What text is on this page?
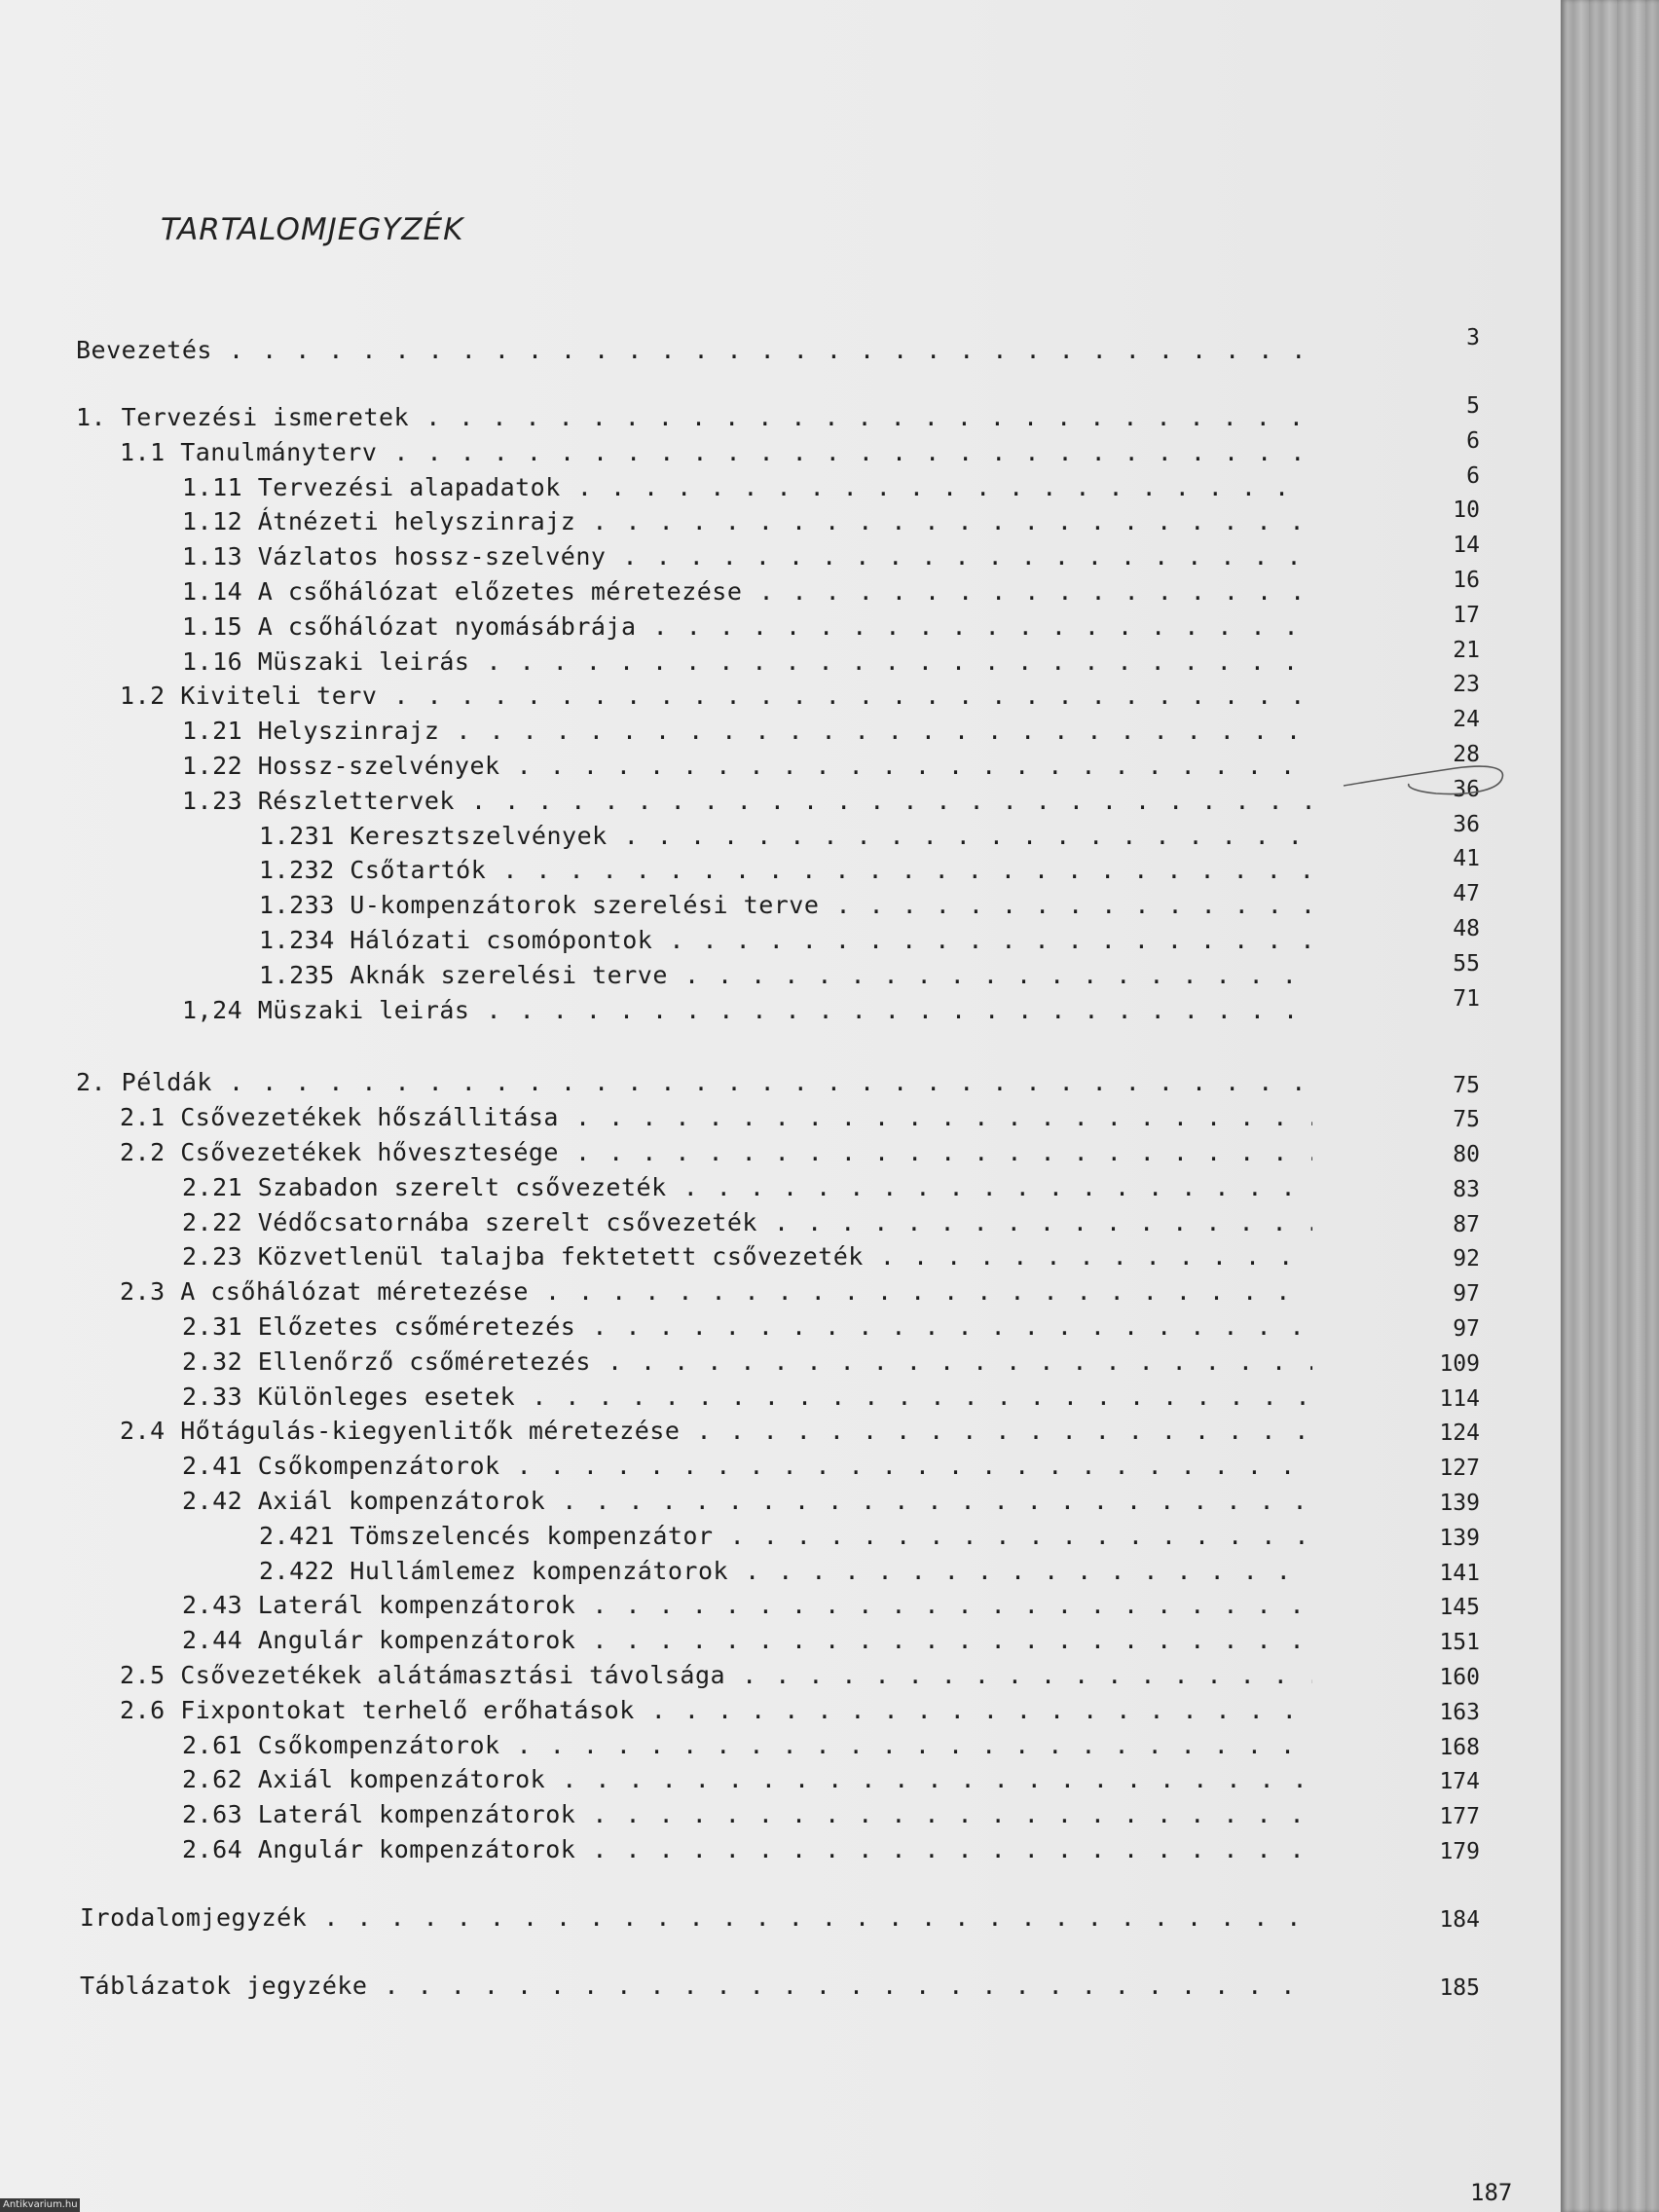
TARTALOMJEGYZÉK
Bevezetés . . .	3
1. Tervezési ismeretek . . .	5
1.1 Tanulmányterv . . .	6
1.11 Tervezési alapadatok . . .	6
1.12 Átnézeti helyszinrajz . . .	10
1.13 Vázlatos hossz-szelvény . . .	14
1.14 A csőhálózat előzetes méretezése . . .	16
1.15 A csőhálózat nyomásábrája . . .	17
1.16 Müszaki leirás . . .	21
1.2 Kiviteli terv . . .	23
1.21 Helyszinrajz . . .	24
1.22 Hossz-szelvények . . .	28
1.23 Részlettervek . . .	36
1.231 Keresztszelvények . . .	36
1.232 Csőtartók . . .	41
1.233 U-kompenzátorok szerelési terve . . .	47
1.234 Hálózati csomópontok . . .	48
1.235 Aknák szerelési terve . . .	55
1,24 Müszaki leirás . . .	71
2. Példák . . .	75
2.1 Csővezetékek hőszállitása . . .	75
2.2 Csővezetékek hővesztesége . . .	80
2.21 Szabadon szerelt csővezeték . . .	83
2.22 Védőcsatornába szerelt csővezeték . . .	87
2.23 Közvetlenül talajba fektetett csővezeték . . .	92
2.3 A csőhálózat méretezése . . .	97
2.31 Előzetes csőméretezés . . .	97
2.32 Ellenőrző csőméretezés . . .	109
2.33 Különleges esetek . . .	114
2.4 Hőtágulás-kiegyenlitők méretezése . . .	124
2.41 Csőkompenzátorok . . .	127
2.42 Axiál kompenzátorok . . .	139
2.421 Tömszelencés kompenzátor . . .	139
2.422 Hullámlemez kompenzátorok . . .	141
2.43 Laterál kompenzátorok . . .	145
2.44 Angulár kompenzátorok . . .	151
2.5 Csővezetékek alátámasztási távolsága . . .	160
2.6 Fixpontokat terhelő erőhatások . . .	163
2.61 Csőkompenzátorok . . .	168
2.62 Axiál kompenzátorok . . .	174
2.63 Laterál kompenzátorok . . .	177
2.64 Angulár kompenzátorok . . .	179
Irodalomjegyzék . . .	184
Táblázatok jegyzéke . . .	185
187
Antikvarium.hu
